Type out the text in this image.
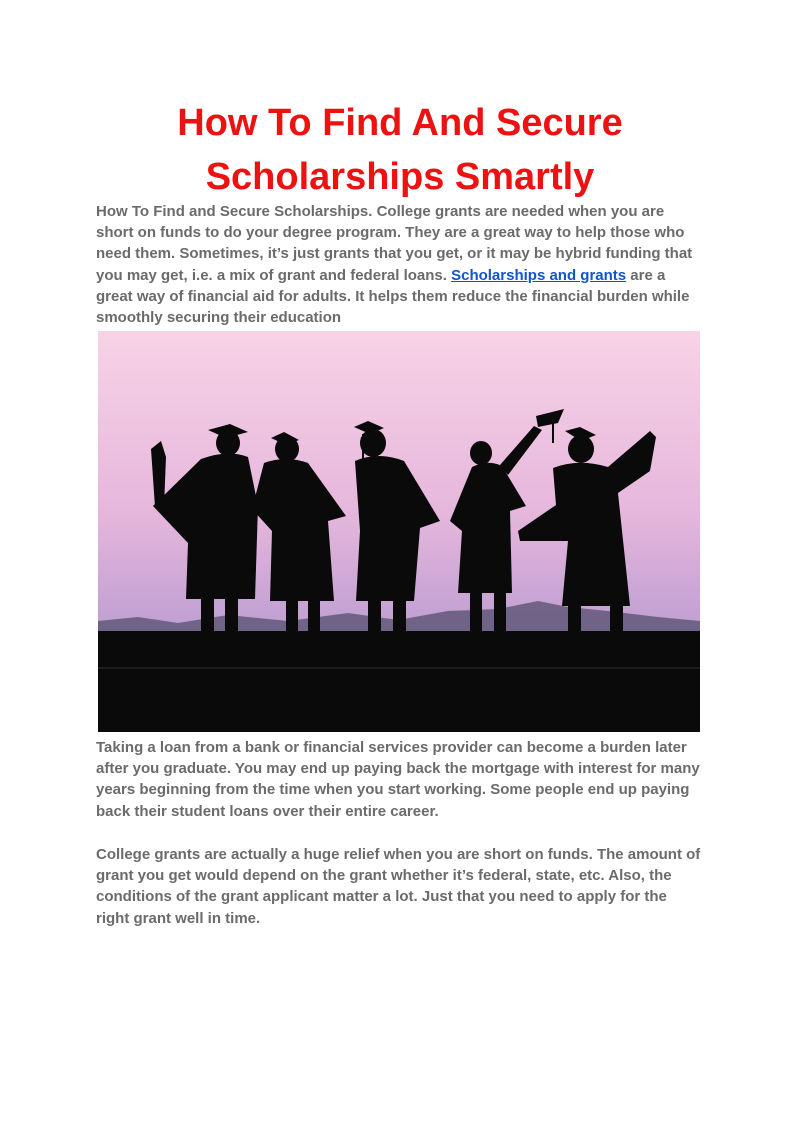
How To Find And Secure
Scholarships Smartly

How To Find and Secure Scholarships. College grants are needed when you are short on funds to do your degree program. They are a great way to help those who need them. Sometimes, it’s just grants that you get, or it may be hybrid funding that you may get, i.e. a mix of grant and federal loans. Scholarships and grants are a great way of financial aid for adults. It helps them reduce the financial burden while smoothly securing their education

Taking a loan from a bank or financial services provider can become a burden later after you graduate. You may end up paying back the mortgage with interest for many years beginning from the time when you start working. Some people end up paying back their student loans over their entire career.

College grants are actually a huge relief when you are short on funds. The amount of grant you get would depend on the grant whether it’s federal, state, etc. Also, the conditions of the grant applicant matter a lot. Just that you need to apply for the right grant well in time.
